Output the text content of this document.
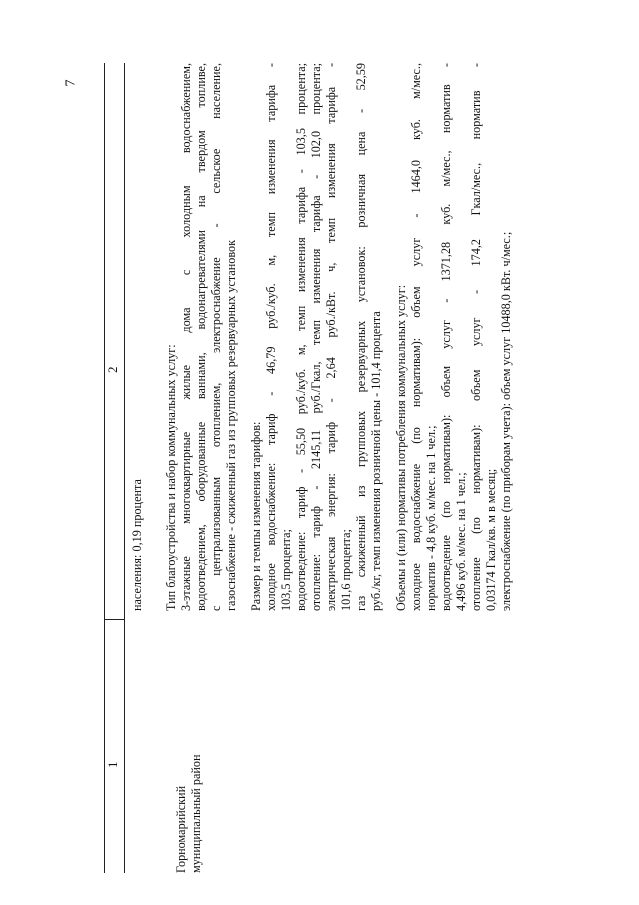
7
1
2
Горномарийский муниципальный район
населения: 0,19 процента Тип благоустройства и набор коммунальных услуг: 3-этажные многоквартирные жилые дома с холодным водоснабжением, водоотведением, оборудованные ваннами, водонагревателями на твердом топливе, с централизованным отоплением, электроснабжение - сельское население, газоснабжение - сжиженный газ из групповых резервуарных установок Размер и темпы изменения тарифов: холодное водоснабжение: тариф - 46,79 руб./куб. м, темп изменения тарифа - 103,5 процента; водоотведение: тариф - 55,50 руб./куб. м, темп изменения тарифа - 103,5 процента; отопление: тариф - 2145,11 руб./Гкал, темп изменения тарифа - 102,0 процента; электрическая энергия: тариф - 2,64 руб./кВт. ч, темп изменения тарифа - 101,6 процента; газ сжиженный из групповых резервуарных установок: розничная цена - 52,59 руб./кг, темп изменения розничной цены - 101,4 процента Объемы и (или) нормативы потребления коммунальных услуг: холодное водоснабжение (по нормативам): объем услуг - 1464,0 куб. м/мес., норматив - 4,8 куб. м/мес. на 1 чел.; водоотведение (по нормативам): объем услуг - 1371,28 куб. м/мес., норматив - 4,496 куб. м/мес. на 1 чел.; отопление (по нормативам): объем услуг - 174,2 Гкал/мес., норматив - 0,03174 Гкал/кв. м в месяц; электроснабжение (по приборам учета): объем услуг 10488,0 кВт. ч/мес.;
